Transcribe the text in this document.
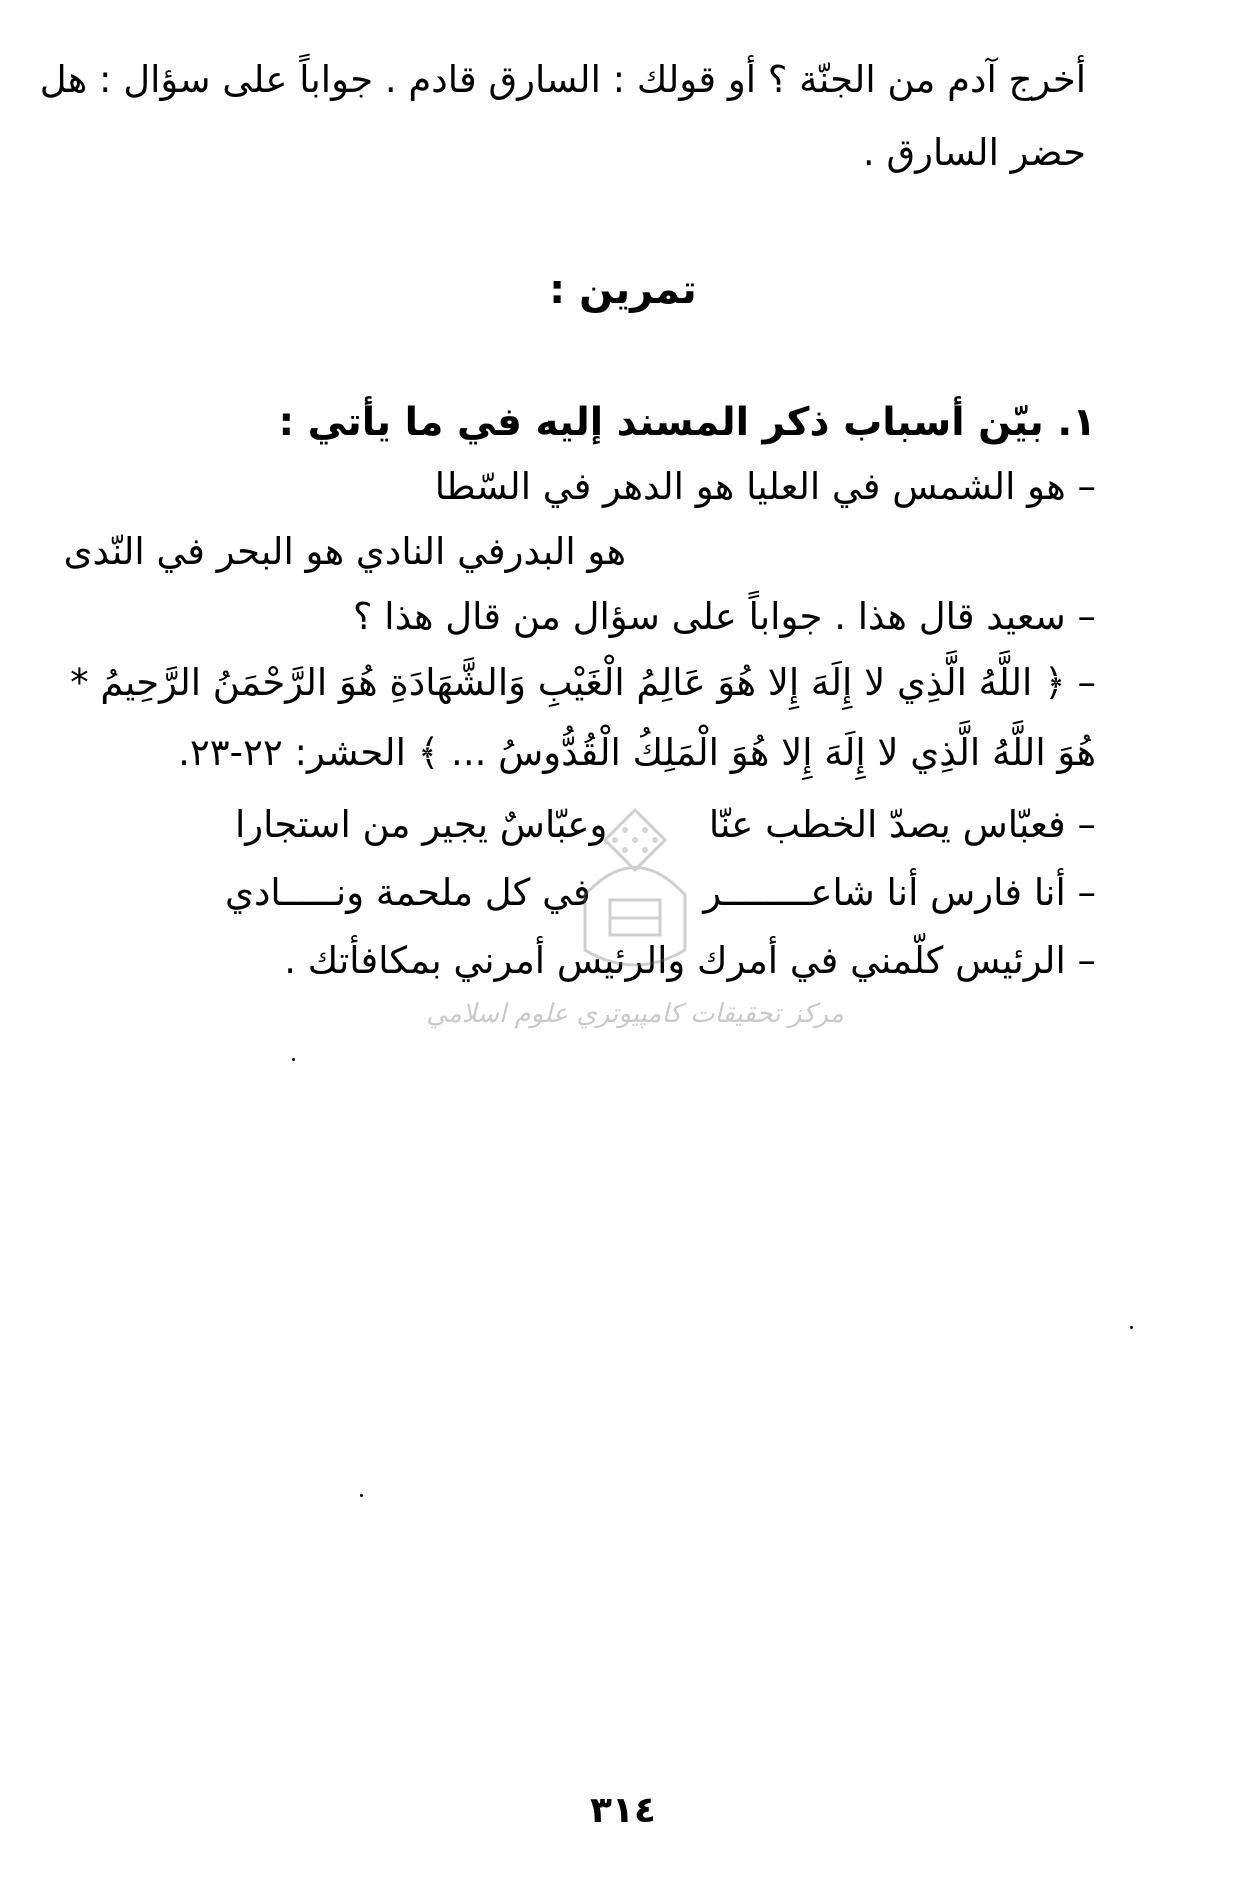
أخرج آدم من الجنّة ؟ أو قولك : السارق قادم . جواباً على سؤال : هل
حضر السارق .
تمرين :
١. بيّن أسباب ذكر المسند إليه في ما يأتي :
– هو الشمس في العليا هو الدهر في السّطا
هو البدرفي النادي هو البحر في النّدى
– سعيد قال هذا . جواباً على سؤال من قال هذا ؟
– ﴿ اللَّهُ الَّذِي لا إِلَهَ إِلا هُوَ عَالِمُ الْغَيْبِ وَالشَّهَادَةِ هُوَ الرَّحْمَنُ الرَّحِيمُ *
هُوَ اللَّهُ الَّذِي لا إِلَهَ إِلا هُوَ الْمَلِكُ الْقُدُّوسُ ... ﴾ الحشر: ٢٢-٢٣.
– فعبّاس يصدّ الخطب عنّا
وعبّاسٌ يجير من استجارا
– أنا فارس أنا شاعــــــــر
في كل ملحمة ونـــــادي
– الرئيس كلّمني في أمرك والرئيس أمرني بمكافأتك .
مركز تحقيقات كامپيوتري علوم اسلامي
٣١٤
